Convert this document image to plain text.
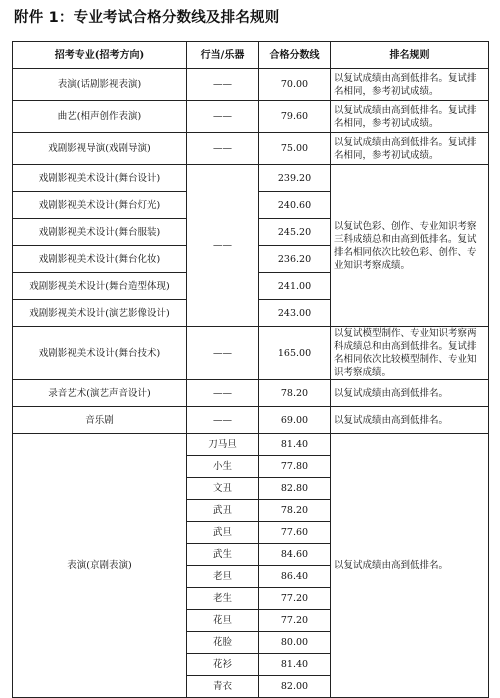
附件 1：专业考试合格分数线及排名规则
招考专业(招考方向)	行当/乐器	合格分数线	排名规则
表演(话剧影视表演)	——	70.00	以复试成绩由高到低排名。复试排名相同，参考初试成绩。
曲艺(相声创作表演)	——	79.60	以复试成绩由高到低排名。复试排名相同，参考初试成绩。
戏剧影视导演(戏剧导演)	——	75.00	以复试成绩由高到低排名。复试排名相同，参考初试成绩。
戏剧影视美术设计(舞台设计)	——	239.20	以复试色彩、创作、专业知识考察三科成绩总和由高到低排名。复试排名相同依次比较色彩、创作、专业知识考察成绩。
戏剧影视美术设计(舞台灯光)		240.60	
戏剧影视美术设计(舞台服装)		245.20	
戏剧影视美术设计(舞台化妆)		236.20	
戏剧影视美术设计(舞台造型体现)		241.00	
戏剧影视美术设计(演艺影像设计)		243.00	
戏剧影视美术设计(舞台技术)	——	165.00	以复试模型制作、专业知识考察两科成绩总和由高到低排名。复试排名相同依次比较模型制作、专业知识考察成绩。
录音艺术(演艺声音设计)	——	78.20	以复试成绩由高到低排名。
音乐剧	——	69.00	以复试成绩由高到低排名。
表演(京剧表演)	刀马旦	81.40	以复试成绩由高到低排名。
	小生	77.80	
	文丑	82.80	
	武丑	78.20	
	武旦	77.60	
	武生	84.60	
	老旦	86.40	
	老生	77.20	
	花旦	77.20	
	花脸	80.00	
	花衫	81.40	
	青衣	82.00	
